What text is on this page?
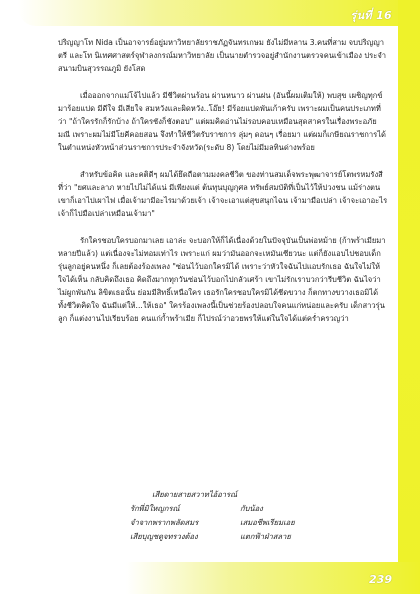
รุ่นที่ 16

ปริญญาโท Nida เป็นอาจารย์อยู่มหาวิทยาลัยราชภัฏจันทรเกษม ยังไม่มีหลาน 3.คนที่สาม จบปริญญาตรี และโท นิเทศศาสตร์จุฬาลงกรณ์มหาวิทยาลัย เป็นนายตำรวจอยู่สำนักงานตรวจคนเข้าเมือง ประจำสนามบินสุวรรณภูมิ ยังโสด

เมื่อออกจากแม่โจ้ไปแล้ว มีชีวิตผ่านร้อน ผ่านหนาว ผ่านฝน (อันนี้ผมเติมให้) พบสุข เผชิญทุกข์ มาร้อยแปด มีดีใจ มีเสียใจ สมหวังและผิดหวัง..โอ๊ย! มีร้อยแปดพันเก้าครับ เพราะผมเป็นคนประเภทที่ว่า "ถ้าใครรักก็รักบ้าง ถ้าใครชังก็ชังตอบ" แต่ผมคิดอ่านไม่รอบคอบเหมือนสุดสาครในเรื่องพระอภัยมณี เพราะผมไม่มีโยคีคอยสอน จึงทำให้ชีวิตรับราชการ ลุ่มๆ ดอนๆ เรื่อยมา แต่ผมก็เกษียณราชการได้ในตำแหน่งหัวหน้าส่วนราชการประจำจังหวัด(ระดับ 8) โดยไม่มีมลทินด่างพร้อย

สำหรับข้อคิด และคติดีๆ ผมได้ยึดถือตามมงคลชีวิต ของท่านสมเด็จพระพุฒาจารย์โตพรหมรังสี ที่ว่า "ยศและลาภ หายไปไม่ได้แน่ มีเพียงแต่ ต้นทุนบุญกุศล ทรัพย์สมบัติที่เป็นไว้ให้ปวงชน แม้ร่างตน เขาก็เอาไปเผาไฟ เมื่อเจ้ามามีอะไรมาด้วยเจ้า เจ้าจะเอาแต่สุขสนุกไฉน เจ้ามามือเปล่า เจ้าจะเอาอะไร เจ้าก็ไปมือเปล่าเหมือนเจ้ามา"

รักใครชอบใครบอกมาเลย เอาล่ะ จะบอกให้ก็ได้เนื่องด้วยในปัจจุบันเป็นพ่อหม้าย (ก้าพร้าเมียมาหลายปีแล้ว) แต่เนื่องจะไม่ทอมเท่าไร เพราะแก่ ผมว่ามันออกจะเหมันเซียวนะ แต่ก็ยังแอบไปชอบเด็กรุ่นลูกอยู่คนหนึ่ง ก็เลยต้องร้องเพลง "ซ่อนไว้บอกใครมิได้ เพราะว่าหัวใจฉันไปแอบรักเธอ ฉันใจไม่ให้ใจได้เห็น กลับคิดถึงเธอ คิดถึงมากทุกวันซ่อนไว้บอกไปกลัวเศร้า เขาไม่รักเราบวกว่ารีบชีวิต ฉันไจว่าไม่ผูกพันกัน ลิขิตเธอนั้น ย่อมมีสิทธิ์เหนือใคร เธอรักใครชอบใครมิได้ชีดขวาง ก็ตกทางขวางเธอมิได้ ทั้งชีวิตคิดใจ ฉันมีแต่ให้...ให้เธอ" ใครร้องเพลงนี้เป็นช่วยร้องปลอบใจคนแก่หน่อยและครับ เด็กสาวรุ่นลูก ก็แต่งงานไปเรียบร้อย คนแก่ก้ำพร้าเมีย ก็ไปรณ์ว่าอวยพรให้แต่ในใจได้แต่คร่ำครวญว่า

เสียดายสายสวาทไอ้อารณ์
รักพี่มิใหญกรณ์	กับน้อง
จำจากพรากพลัดสมร	เสมอชีพเรียมเอย
เสียบุญชดูจทรวงต้อง	แตกฟ้าฝ่าสลาย
239
